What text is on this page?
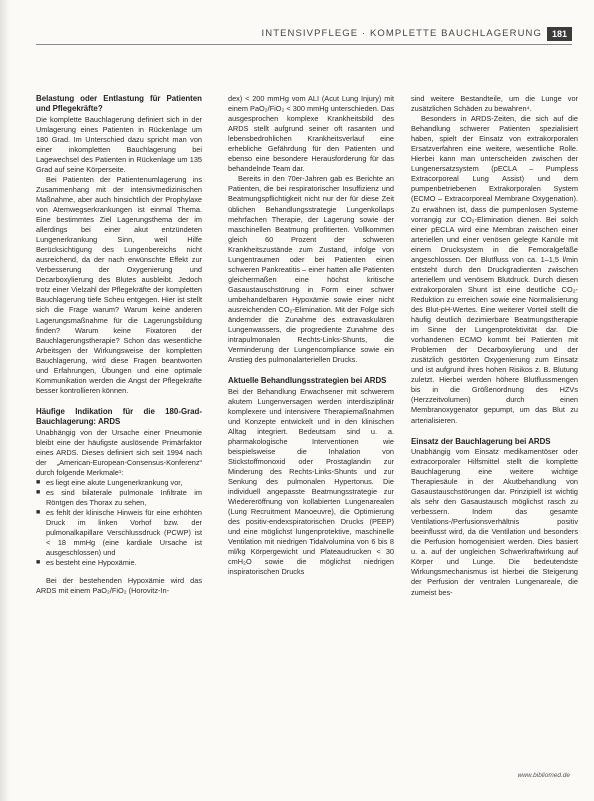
INTENSIVPFLEGE · KOMPLETTE BAUCHLAGERUNG	181
Belastung oder Entlastung für Patienten und Pflegekräfte?

Die komplette Bauchlagerung definiert sich in der Umlagerung eines Patienten in Rückenlage um 180 Grad. Im Unterschied dazu spricht man von einer inkompletten Bauchlagerung bei Lagewechsel des Patienten in Rückenlage um 135 Grad auf seine Körperseite.

Bei Patienten der Patientenumlagerung ins Zusammenhang mit der intensivmedizinischen Maßnahme, aber auch hinsichtlich der Prophylaxe von Atemwegserkrankungen ist einmal Thema. Eine bestimmtes Ziel Lagerungsthema der im allerdings bei einer akut entzündeten Lungenerkrankung Sinn, weil Hilfe Berücksichtigung des Lungenbereichs nicht ausreichend, da der nach erwünschte Effekt zur Verbesserung der Oxygenierung und Decarboxylierung des Blutes ausbleibt. Jedoch trotz einer Vielzahl der Pflegekräfte der kompletten Bauchlagerung tiefe Scheu entgegen. Hier ist stellt sich die Frage warum? Warum keine anderen Lagerungsmaßnahme für die Lagerungsbildung finden? Warum keine Fixatoren der Bauchlagerungstherapie? Schon das wesentliche Arbeitsgen der Wirkungsweise der kompletten Bauchlagerung, wird diese Fragen beantworten und Erfahrungen, Übungen und eine optimale Kommunikation werden die Angst der Pflegekräfte besser kontrollieren können.

Häufige Indikation für die 180-Grad-Bauchlagerung: ARDS

Unabhängig von der Ursache einer Pneumonie bleibt eine der häufigste auslösende Primärfaktor eines ARDS. Dieses definiert sich seit 1994 nach der „American-European-Consensus-Konferenz“ durch folgende Merkmale¹:

■ es liegt eine akute Lungenerkrankung vor,
■ es sind bilaterale pulmonale Infiltrate im Röntgen des Thorax zu sehen,
■ es fehlt der klinische Hinweis für eine erhöhten Druck im linken Vorhof bzw. der pulmonalkapillare Verschlussdruck (PCWP) ist < 18 mmHg (eine kardiale Ursache ist ausgeschlossen) und
■ es besteht eine Hypoxämie.

Bei der bestehenden Hypoxämie wird das ARDS mit einem PaO₂/FiO₂ (Horovitz-In-

dex) < 200 mmHg vom ALI (Acut Lung Injury) mit einem PaO₂/FiO₂ < 300 mmHg unterschieden. Das ausgesprochen komplexe Krankheitsbild des ARDS stellt aufgrund seiner oft rasanten und lebensbedrohlichen Krankheitsverlauf eine erhebliche Gefährdung für den Patienten und ebenso eine besondere Herausforderung für das behandelnde Team dar.

Bereits in den 70er-Jahren gab es Berichte an Patienten, die bei respiratorischer Insuffizienz und Beatmungspflichtigkeit nicht nur der für diese Zeit üblichen Behandlungsstrategie Lungenkollaps mehrfachen Therapie, der Lagerung sowie der maschinellen Beatmung profitierten. Vollkommen gleich 60 Prozent der schweren Krankheitszustände zum Zustand, infolge von Lungentraumen oder bei Patienten einen schweren Pankreatitis – einer hatten alle Patienten gleichermaßen eine höchst kritische Gasaustauschstörung in Form einer schwer umbehandelbaren Hypoxämie sowie einer nicht ausreichenden CO₂-Elimination. Mit der Folge sich ändernder die Zunahme des extravaskulären Lungenwassers, die progrediente Zunahme des intrapulmonalen Rechts-Links-Shunts, die Verminderung der Lungencompliance sowie ein Anstieg des pulmonalarteriellen Drucks.

Aktuelle Behandlungsstrategien bei ARDS

Bei der Behandlung Erwachsener mit schwerem akutem Lungenversagen werden interdisziplinär komplexere und intensivere Therapiemaßnahmen und Konzepte entwickelt und in den klinischen Alltag integriert. Bedeutsam sind u. a. pharmakologische Interventionen wie beispielsweise die Inhalation von Stickstoffmonoxid oder Prostaglandin zur Minderung des Rechts-Links-Shunts und zur Senkung des pulmonalen Hypertonus. Die individuell angepasste Beatmungsstrategie zur Wiedereröffnung von kollabierten Lungenarealen (Lung Recruitment Manoeuvre), die Optimierung des positiv-endexspiratorischen Drucks (PEEP) und eine möglichst lungenprotektive, maschinelle Ventilation mit niedrigen Tidalvolumina von 6 bis 8 ml/kg Körpergewicht und Plateaudrucken < 30 cmH₂O sowie die möglichst niedrigen inspiratorischen Drucks

sind weitere Bestandteile, um die Lunge vor zusätzlichen Schäden zu bewahren⁴.

Besonders in ARDS-Zeiten, die sich auf die Behandlung schwerer Patienten spezialisiert haben, spielt der Einsatz von extrakorporalen Ersatzverfahren eine weitere, wesentliche Rolle. Hierbei kann man unterscheiden zwischen der Lungenersatzsystem (pECLA – Pumpless Extracorporeal Lung Assist) und dem pumpenbetriebenen Extrakorporalen System (ECMO – Extracorporeal Membrane Oxygenation). Zu erwähnen ist, dass die pumpenlosen Systeme vorrangig zur CO₂-Elimination dienen. Bei solch einer pECLA wird eine Membran zwischen einer arteriellen und einer venösen gelegte Kanüle mit einem Drucksystem in die Femoralgefäße angeschlossen. Der Blutfluss von ca. 1–1,5 l/min entsteht durch den Druckgradienten zwischen arteriellem und venösem Blutdruck. Durch diesen extrakorporalen Shunt ist eine deutliche CO₂-Reduktion zu erreichen sowie eine Normalisierung des Blut-pH-Wertes. Eine weiterer Vorteil stellt die häufig deutlich dezimierbare Beatmungstherapie im Sinne der Lungenprotektivität dar. Die vorhandenen ECMO kommt bei Patienten mit Problemen der Decarboxylierung und der zusätzlich gestörten Oxygenierung zum Einsatz und ist aufgrund ihres hohen Risikos z. B. Blutung zuletzt. Hierbei werden höhere Blutflussmengen bis in die Größenordnung des HZVs (Herzzeitvolumen) durch einen Membranoxygenator gepumpt, um das Blut zu arterialisieren.

Einsatz der Bauchlagerung bei ARDS

Unabhängig vom Einsatz medikamentöser oder extracorporaler Hilfsmittel stellt die komplette Bauchlagerung eine weitere wichtige Therapiesäule in der Akutbehandlung von Gasaustauschstörungen dar. Prinzipiell ist wichtig als sehr den Gasaustausch möglichst rasch zu verbessern. Indem das gesamte Ventilations-/Perfusionsverhältnis positiv beeinflusst wird, da die Ventilation und besonders die Perfusion homogenisiert werden. Dies basiert u. a. auf der ungleichen Schwerkraftwirkung auf Körper und Lunge. Die bedeutendste Wirkungsmechanismus ist hierbei die Steigerung der Perfusion der ventralen Lungenareale, die zumeist bes-

www.bibliomed.de
